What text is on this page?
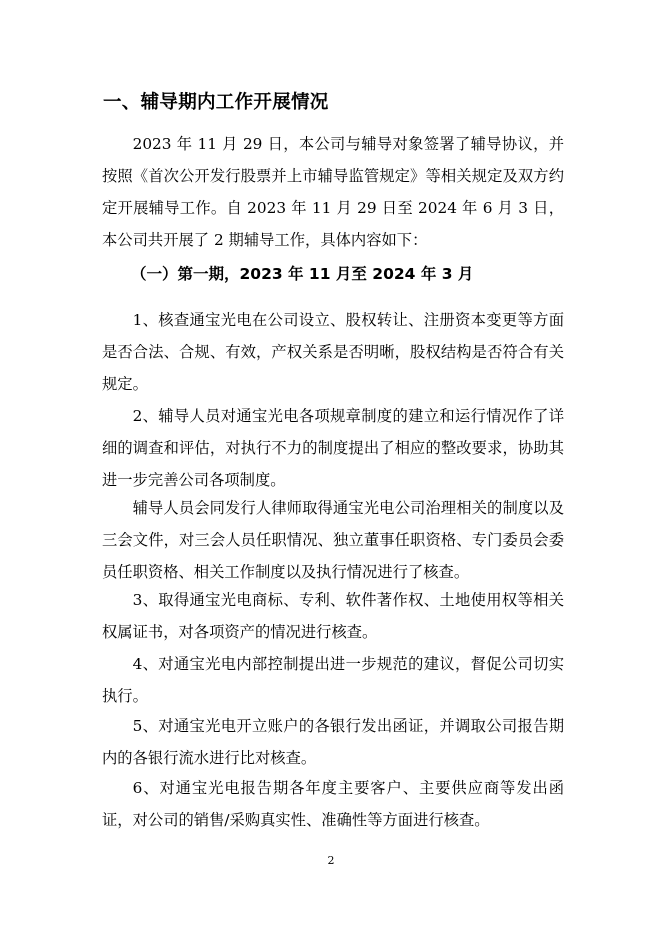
一、辅导期内工作开展情况
2023 年 11 月 29 日，本公司与辅导对象签署了辅导协议，并按照《首次公开发行股票并上市辅导监管规定》等相关规定及双方约定开展辅导工作。自 2023 年 11 月 29 日至 2024 年 6 月 3 日，本公司共开展了 2 期辅导工作，具体内容如下：
（一）第一期，2023 年 11 月至 2024 年 3 月
1、核查通宝光电在公司设立、股权转让、注册资本变更等方面是否合法、合规、有效，产权关系是否明晰，股权结构是否符合有关规定。
2、辅导人员对通宝光电各项规章制度的建立和运行情况作了详细的调查和评估，对执行不力的制度提出了相应的整改要求，协助其进一步完善公司各项制度。
辅导人员会同发行人律师取得通宝光电公司治理相关的制度以及三会文件，对三会人员任职情况、独立董事任职资格、专门委员会委员任职资格、相关工作制度以及执行情况进行了核查。
3、取得通宝光电商标、专利、软件著作权、土地使用权等相关权属证书，对各项资产的情况进行核查。
4、对通宝光电内部控制提出进一步规范的建议，督促公司切实执行。
5、对通宝光电开立账户的各银行发出函证，并调取公司报告期内的各银行流水进行比对核查。
6、对通宝光电报告期各年度主要客户、主要供应商等发出函证，对公司的销售/采购真实性、准确性等方面进行核查。
2
